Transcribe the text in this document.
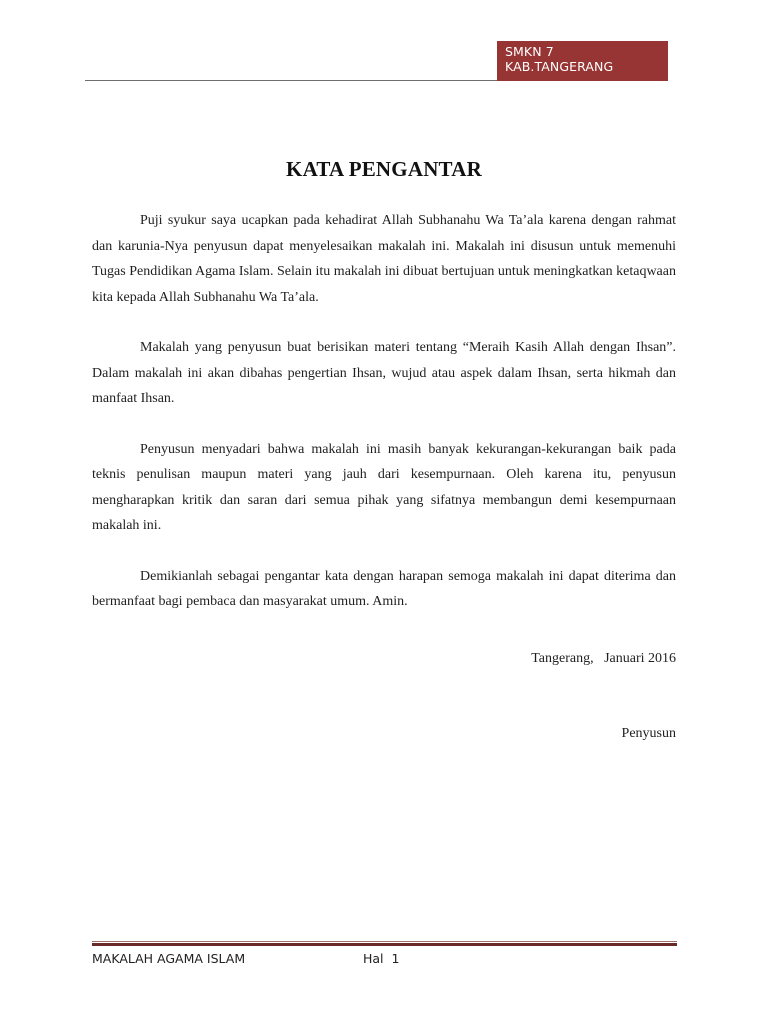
SMKN 7
KAB.TANGERANG
KATA PENGANTAR

Puji syukur saya ucapkan pada kehadirat Allah Subhanahu Wa Ta’ala karena dengan rahmat dan karunia-Nya penyusun dapat menyelesaikan makalah ini. Makalah ini disusun untuk memenuhi Tugas Pendidikan Agama Islam. Selain itu makalah ini dibuat bertujuan untuk meningkatkan ketaqwaan kita kepada Allah Subhanahu Wa Ta’ala.

Makalah yang penyusun buat berisikan materi tentang “Meraih Kasih Allah dengan Ihsan”. Dalam makalah ini akan dibahas pengertian Ihsan, wujud atau aspek dalam Ihsan, serta hikmah dan manfaat Ihsan.

Penyusun menyadari bahwa makalah ini masih banyak kekurangan-kekurangan baik pada teknis penulisan maupun materi yang jauh dari kesempurnaan. Oleh karena itu, penyusun mengharapkan kritik dan saran dari semua pihak yang sifatnya membangun demi kesempurnaan makalah ini.

Demikianlah sebagai pengantar kata dengan harapan semoga makalah ini dapat diterima dan bermanfaat bagi pembaca dan masyarakat umum. Amin.

Tangerang,   Januari 2016
Penyusun
MAKALAH AGAMA ISLAM	Hal  1
